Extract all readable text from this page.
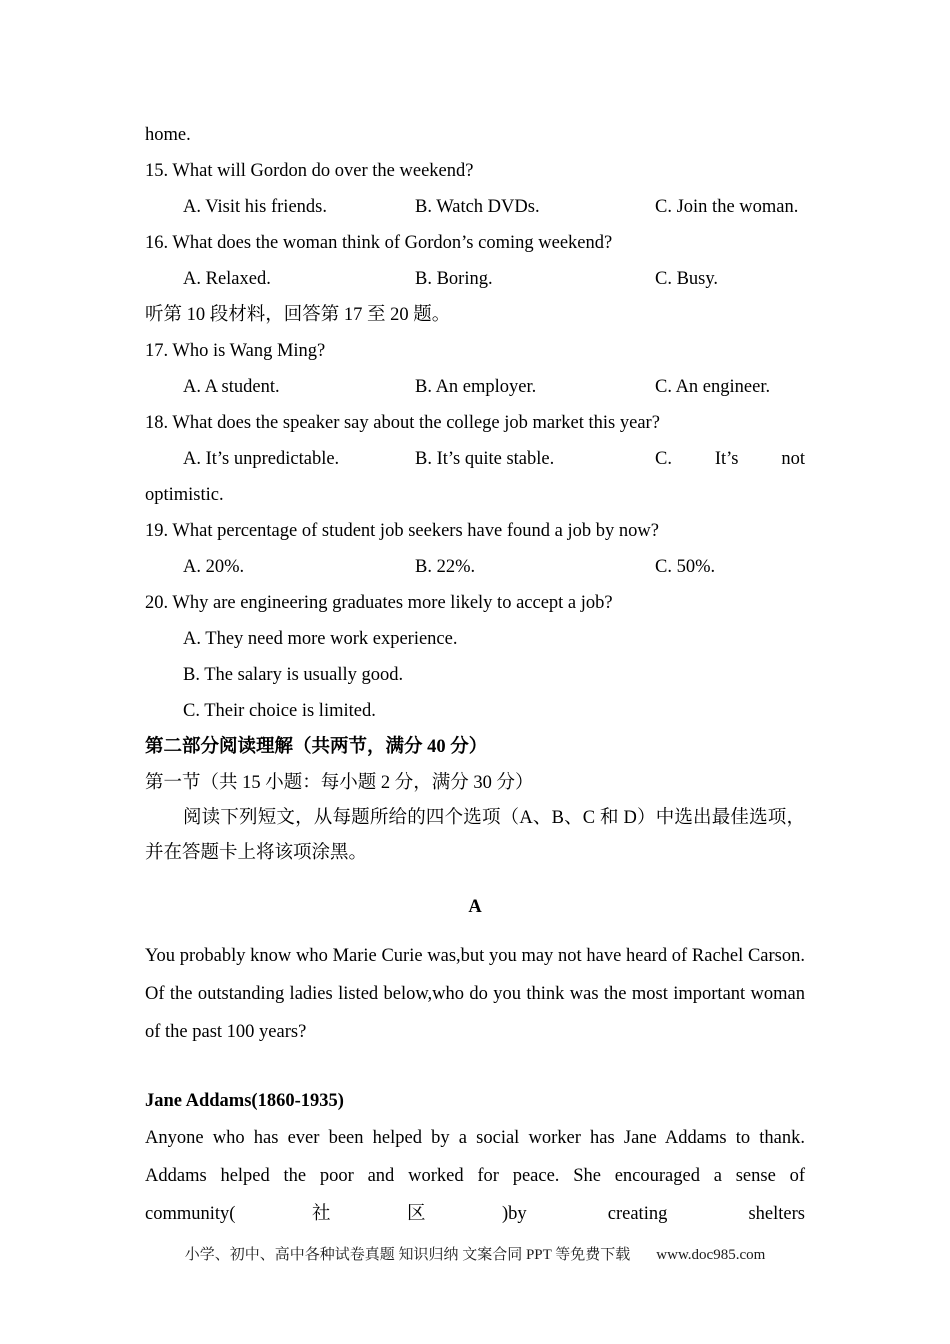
home.
15. What will Gordon do over the weekend?
A. Visit his friends.	B. Watch DVDs.	C. Join the woman.
16. What does the woman think of Gordon’s coming weekend?
A. Relaxed.	B. Boring.	C. Busy.
听第 10 段材料，回答第 17 至 20 题。
17. Who is Wang Ming?
A. A student.	B. An employer.	C. An engineer.
18. What does the speaker say about the college job market this year?
A. It’s unpredictable.	B. It’s quite stable.	C. It’s not
optimistic.
19. What percentage of student job seekers have found a job by now?
A. 20%.	B. 22%.	C. 50%.
20. Why are engineering graduates more likely to accept a job?
A. They need more work experience.
B. The salary is usually good.
C. Their choice is limited.
第二部分阅读理解（共两节，满分 40 分）
第一节（共 15 小题：每小题 2 分，满分 30 分）
阅读下列短文，从每题所给的四个选项（A、B、C 和 D）中选出最佳选项，
并在答题卡上将该项涂黑。
A
You probably know who Marie Curie was,but you may not have heard of Rachel Carson. Of the outstanding ladies listed below,who do you think was the most important woman of the past 100 years?
Jane Addams(1860-1935)
Anyone who has ever been helped by a social worker has Jane Addams to thank. Addams helped the poor and worked for peace. She encouraged a sense of community(社区)by creating shelters
小学、初中、高中各种试卷真题 知识归纳 文案合同 PPT 等免费下载 www.doc985.com
